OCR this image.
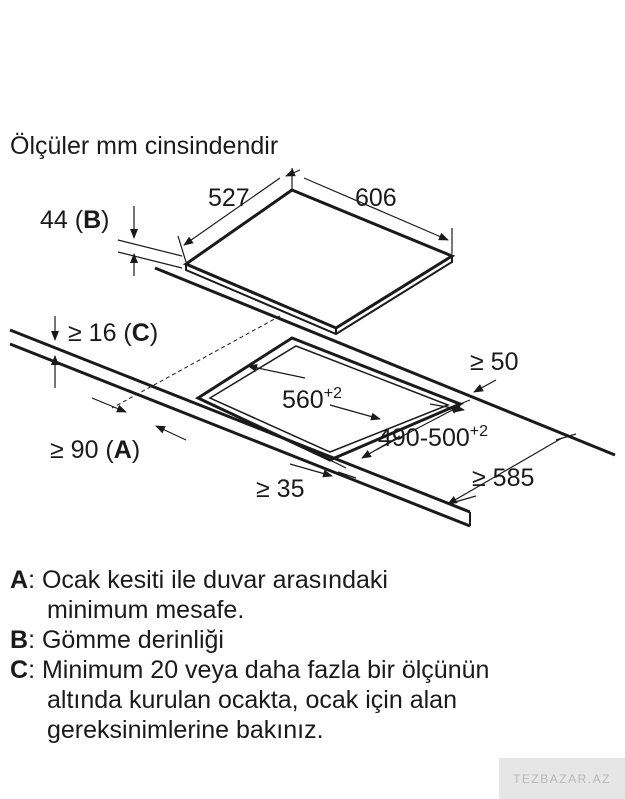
Ölçüler mm cinsindendir
527	606
44 (B)
≥ 16 (C)
≥ 50
$560^{+2}$
$490-500^{+2}$
≥ 90 (A)
≥ 35	≥ 585
A : Ocak kesiti ile duvar arasındaki
minimum mesafe.
B : Gömme derinliği
C : Minimum 20 veya daha fazla bir ölçünün
altında kurulan ocakta, ocak için alan
gereksinimlerine bakınız.
TEZBAZAR.AZ
